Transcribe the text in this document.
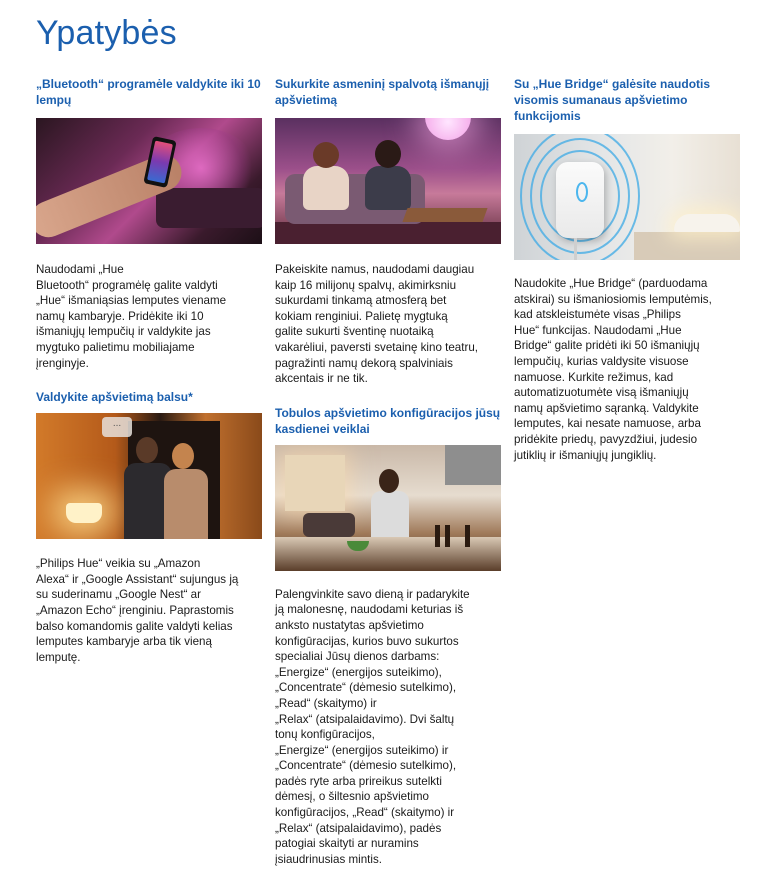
Ypatybės
„Bluetooth“ programėle valdykite iki 10 lempų
Naudodami „Hue
Bluetooth“ programėlę galite valdyti
„Hue“ išmaniąsias lemputes viename
namų kambaryje. Pridėkite iki 10
išmaniųjų lempučių ir valdykite jas
mygtuko palietimu mobiliajame
įrenginyje.
Valdykite apšvietimą balsu*
...
„Philips Hue“ veikia su „Amazon
Alexa“ ir „Google Assistant“ sujungus ją
su suderinamu „Google Nest“ ar
„Amazon Echo“ įrenginiu. Paprastomis
balso komandomis galite valdyti kelias
lemputes kambaryje arba tik vieną
lemputę.
Sukurkite asmeninį spalvotą išmanųjį apšvietimą
Pakeiskite namus, naudodami daugiau
kaip 16 milijonų spalvų, akimirksniu
sukurdami tinkamą atmosferą bet
kokiam renginiui. Palietę mygtuką
galite sukurti šventinę nuotaiką
vakarėliui, paversti svetainę kino teatru,
pagražinti namų dekorą spalviniais
akcentais ir ne tik.
Tobulos apšvietimo konfigūracijos jūsų kasdienei veiklai
Palengvinkite savo dieną ir padarykite
ją malonesnę, naudodami keturias iš
anksto nustatytas apšvietimo
konfigūracijas, kurios buvo sukurtos
specialiai Jūsų dienos darbams:
„Energize“ (energijos suteikimo),
„Concentrate“ (dėmesio sutelkimo),
„Read“ (skaitymo) ir
„Relax“ (atsipalaidavimo). Dvi šaltų
tonų konfigūracijos,
„Energize“ (energijos suteikimo) ir
„Concentrate“ (dėmesio sutelkimo),
padės ryte arba prireikus sutelkti
dėmesį, o šiltesnio apšvietimo
konfigūracijos, „Read“ (skaitymo) ir
„Relax“ (atsipalaidavimo), padės
patogiai skaityti ar nuramins
įsiaudrinusias mintis.
Su „Hue Bridge“ galėsite naudotis visomis sumanaus apšvietimo funkcijomis
Naudokite „Hue Bridge“ (parduodama
atskirai) su išmaniosiomis lemputėmis,
kad atskleistumėte visas „Philips
Hue“ funkcijas. Naudodami „Hue
Bridge“ galite pridėti iki 50 išmaniųjų
lempučių, kurias valdysite visuose
namuose. Kurkite režimus, kad
automatizuotumėte visą išmaniųjų
namų apšvietimo sąranką. Valdykite
lemputes, kai nesate namuose, arba
pridėkite priedų, pavyzdžiui, judesio
jutiklių ir išmaniųjų jungiklių.
